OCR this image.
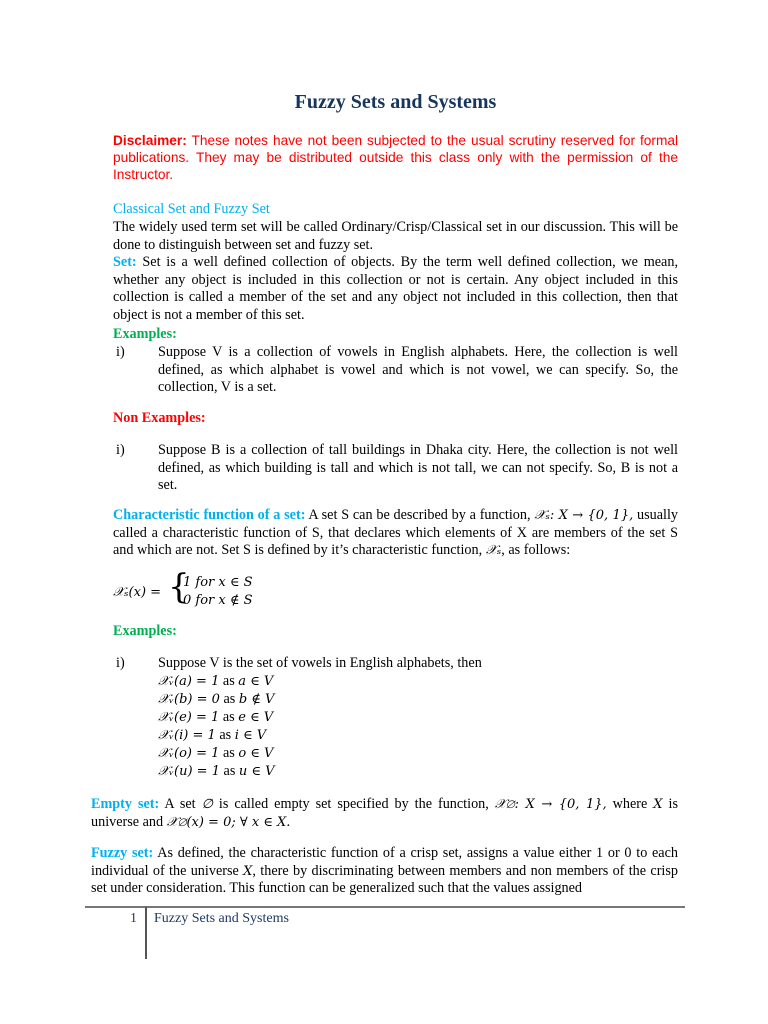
Fuzzy Sets and Systems
Disclaimer: These notes have not been subjected to the usual scrutiny reserved for formal publications. They may be distributed outside this class only with the permission of the Instructor.
Classical Set and Fuzzy Set
The widely used term set will be called Ordinary/Crisp/Classical set in our discussion. This will be done to distinguish between set and fuzzy set.
Set: Set is a well defined collection of objects. By the term well defined collection, we mean, whether any object is included in this collection or not is certain. Any object included in this collection is called a member of the set and any object not included in this collection, then that object is not a member of this set.
Examples:
i) Suppose V is a collection of vowels in English alphabets. Here, the collection is well defined, as which alphabet is vowel and which is not vowel, we can specify. So, the collection, V is a set.
Non Examples:
i) Suppose B is a collection of tall buildings in Dhaka city. Here, the collection is not well defined, as which building is tall and which is not tall, we can not specify. So, B is not a set.
Characteristic function of a set: A set S can be described by a function, 𝒳ₛ: X → {0, 1}, usually called a characteristic function of S, that declares which elements of X are members of the set S and which are not. Set S is defined by it’s characteristic function, 𝒳ₛ, as follows:
𝒳ₛ(x) = {
1 for x ∈ S
0 for x ∉ S
Examples:
i) Suppose V is the set of vowels in English alphabets, then
𝒳ᵥ(a) = 1 as a ∈ V
𝒳ᵥ(b) = 0 as b ∉ V
𝒳ᵥ(e) = 1 as e ∈ V
𝒳ᵥ(i) = 1 as i ∈ V
𝒳ᵥ(o) = 1 as o ∈ V
𝒳ᵥ(u) = 1 as u ∈ V
Empty set: A set ∅ is called empty set specified by the function, 𝒳∅: X → {0, 1}, where X is universe and 𝒳∅(x) = 0; ∀ x ∈ X.
Fuzzy set: As defined, the characteristic function of a crisp set, assigns a value either 1 or 0 to each individual of the universe X, there by discriminating between members and non members of the crisp set under consideration. This function can be generalized such that the values assigned
1 Fuzzy Sets and Systems
